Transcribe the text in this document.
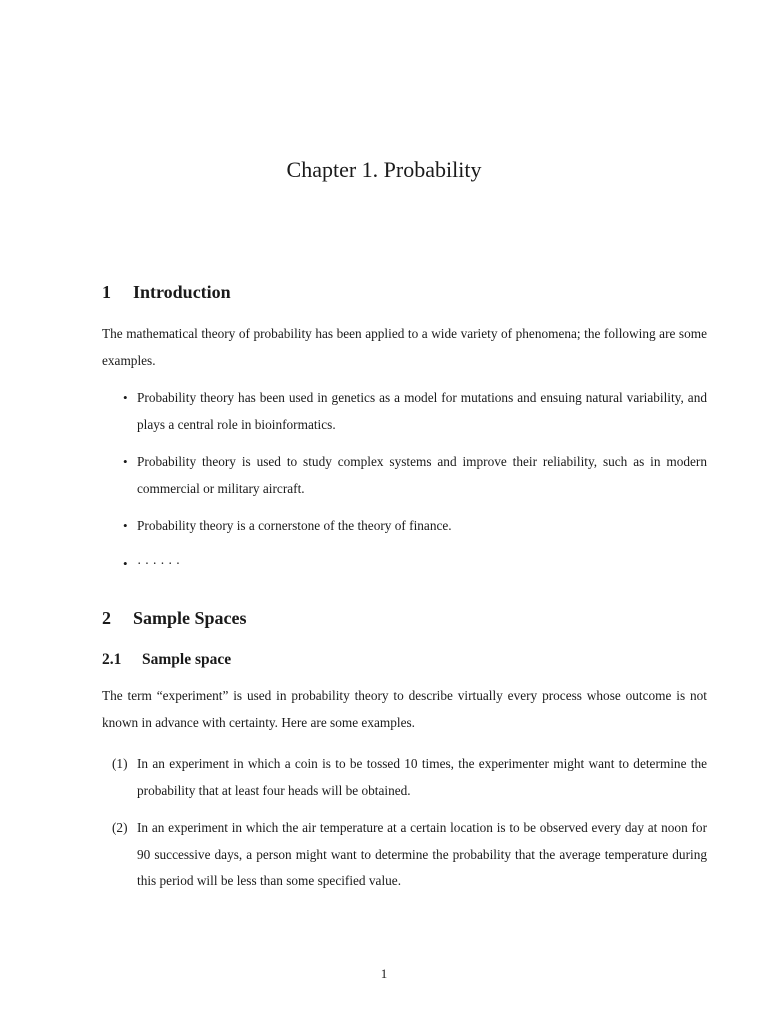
Chapter 1. Probability
1 Introduction

The mathematical theory of probability has been applied to a wide variety of phenomena; the following are some examples.

• Probability theory has been used in genetics as a model for mutations and ensuing natural variability, and plays a central role in bioinformatics.
• Probability theory is used to study complex systems and improve their reliability, such as in modern commercial or military aircraft.
• Probability theory is a cornerstone of the theory of finance.
• · · · · · ·
2 Sample Spaces
2.1 Sample space

The term “experiment” is used in probability theory to describe virtually every process whose outcome is not known in advance with certainty. Here are some examples.

(1) In an experiment in which a coin is to be tossed 10 times, the experimenter might want to determine the probability that at least four heads will be obtained.
(2) In an experiment in which the air temperature at a certain location is to be observed every day at noon for 90 successive days, a person might want to determine the probability that the average temperature during this period will be less than some specified value.
1
